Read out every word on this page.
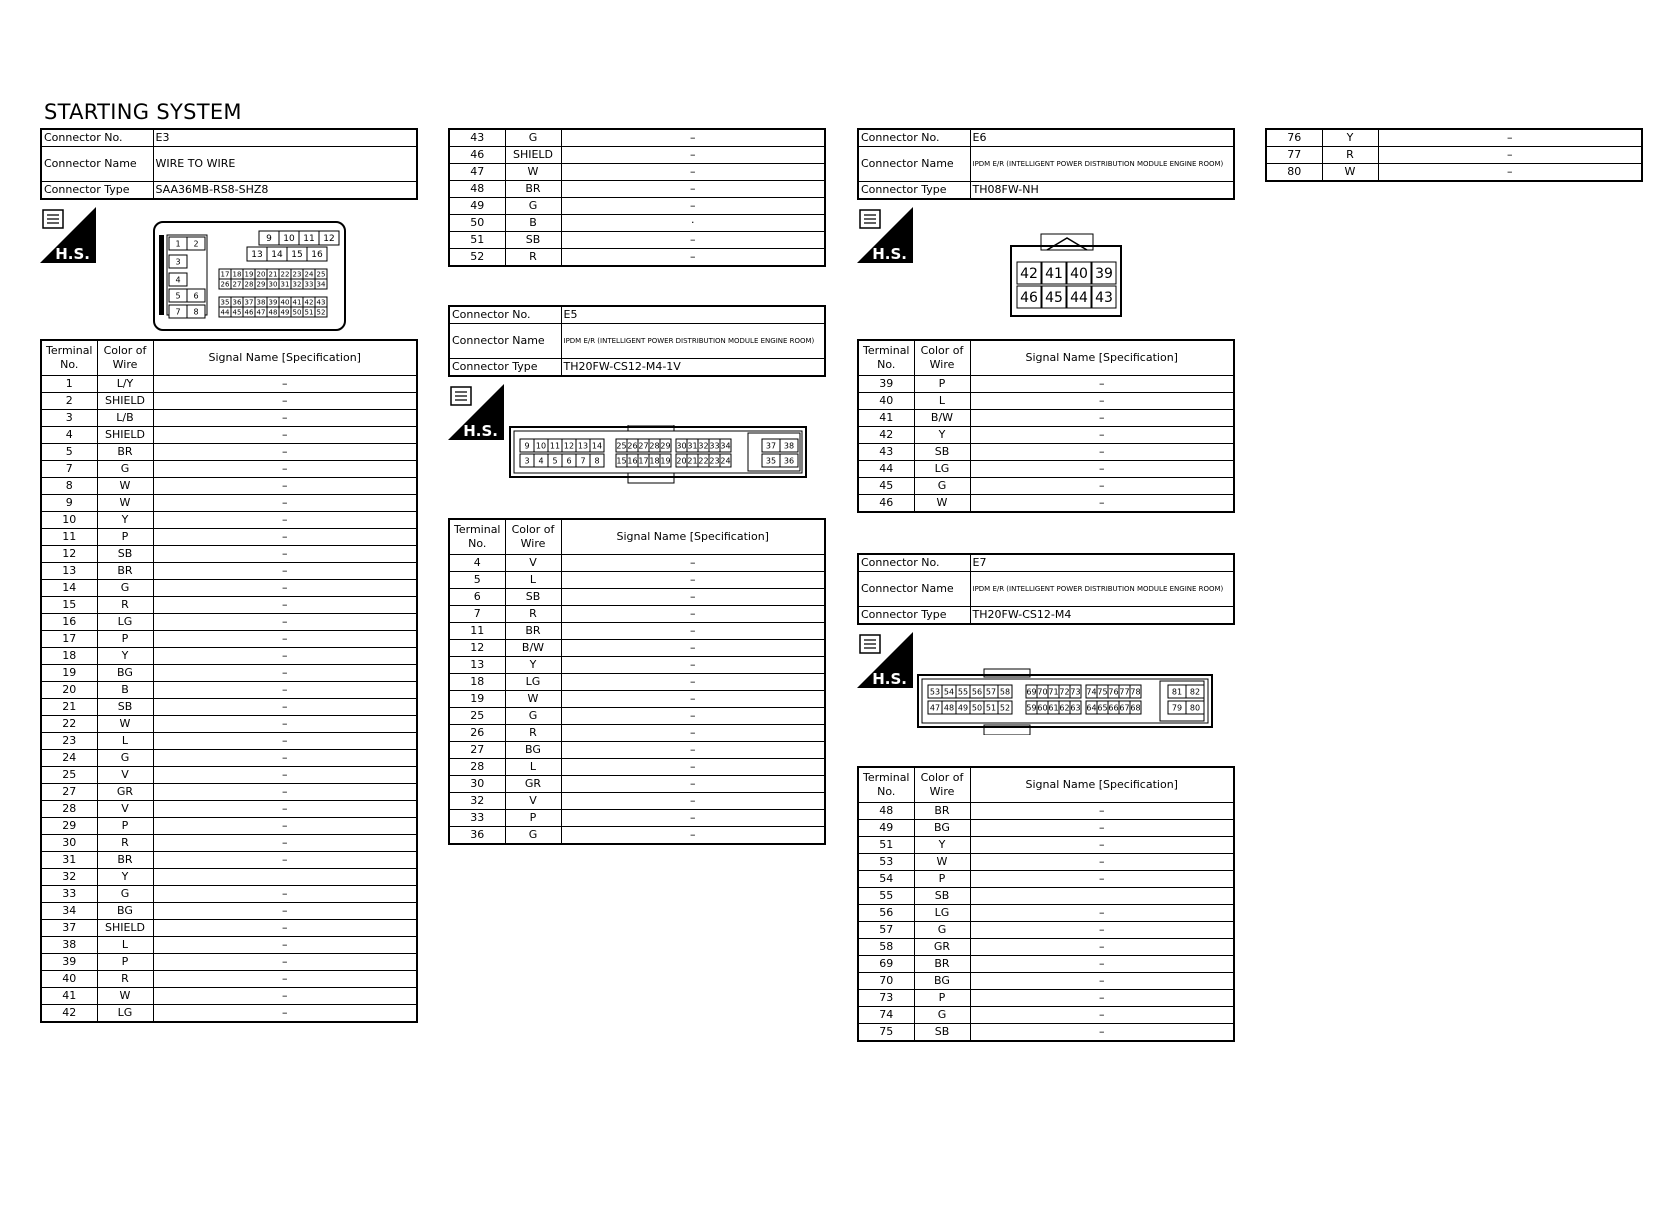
STARTING SYSTEM
Connector No.	E3
Connector Name	WIRE TO WIRE
Connector Type	SAA36MB-RS8-SHZ8
H.S.
1 2
3
4
5 6
7 8
9 10 11 12
13 14 15 16
17 18 19 20 21 22 23 24 25
26 27 28 29 30 31 32 33 34
35 36 37 38 39 40 41 42 43
44 45 46 47 48 49 50 51 52
Terminal No.	Color of Wire	Signal Name [Specification]
1	L/Y	–
2	SHIELD	–
3	L/B	–
4	SHIELD	–
5	BR	–
7	G	–
8	W	–
9	W	–
10	Y	–
11	P	–
12	SB	–
13	BR	–
14	G	–
15	R	–
16	LG	–
17	P	–
18	Y	–
19	BG	–
20	B	–
21	SB	–
22	W	–
23	L	–
24	G	–
25	V	–
27	GR	–
28	V	–
29	P	–
30	R	–
31	BR	–
32	Y	
33	G	–
34	BG	–
37	SHIELD	–
38	L	–
39	P	–
40	R	–
41	W	–
42	LG	–
43	G	–
46	SHIELD	–
47	W	–
48	BR	–
49	G	–
50	B	·
51	SB	–
52	R	–
Connector No.	E5
Connector Name	IPDM E/R (INTELLIGENT POWER DISTRIBUTION MODULE ENGINE ROOM)
Connector Type	TH20FW-CS12-M4-1V
H.S.
9
3
10
4
11
5
12
6
13
7
14
8
25
15
26
16
27
17
28
18
29
19
30
20
31
21
32
22
33
23
34
24
37
35
38
36
Terminal No.	Color of Wire	Signal Name [Specification]
4	V	–
5	L	–
6	SB	–
7	R	–
11	BR	–
12	B/W	–
13	Y	–
18	LG	–
19	W	–
25	G	–
26	R	–
27	BG	–
28	L	–
30	GR	–
32	V	–
33	P	–
36	G	–
Connector No.	E6
Connector Name	IPDM E/R (INTELLIGENT POWER DISTRIBUTION MODULE ENGINE ROOM)
Connector Type	TH08FW-NH
H.S.
42
46
41
45
40
44
39
43
Terminal No.	Color of Wire	Signal Name [Specification]
39	P	–
40	L	–
41	B/W	–
42	Y	–
43	SB	–
44	LG	–
45	G	–
46	W	–
Connector No.	E7
Connector Name	IPDM E/R (INTELLIGENT POWER DISTRIBUTION MODULE ENGINE ROOM)
Connector Type	TH20FW-CS12-M4
H.S.
53
47
54
48
55
49
56
50
57
51
58
52
69
59
70
60
71
61
72
62
73
63
74
64
75
65
76
66
77
67
78
68
81
79
82
80
Terminal No.	Color of Wire	Signal Name [Specification]
48	BR	–
49	BG	–
51	Y	–
53	W	–
54	P	–
55	SB	
56	LG	–
57	G	–
58	GR	–
69	BR	–
70	BG	–
73	P	–
74	G	–
75	SB	–
76	Y	–
77	R	–
80	W	–
